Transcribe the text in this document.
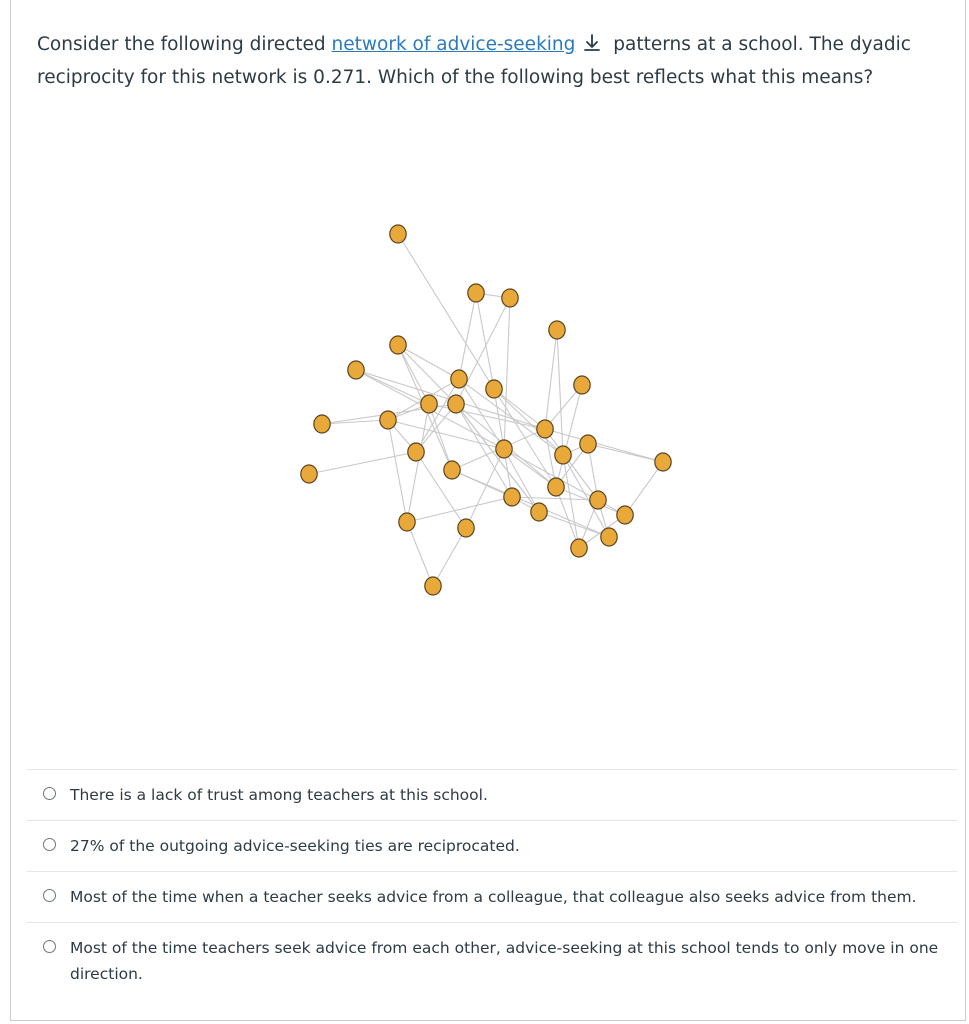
Consider the following directed network of advice-seeking patterns at a school. The dyadic reciprocity for this network is 0.271. Which of the following best reflects what this means?
There is a lack of trust among teachers at this school.
27% of the outgoing advice-seeking ties are reciprocated.
Most of the time when a teacher seeks advice from a colleague, that colleague also seeks advice from them.
Most of the time teachers seek advice from each other, advice-seeking at this school tends to only move in one direction.
